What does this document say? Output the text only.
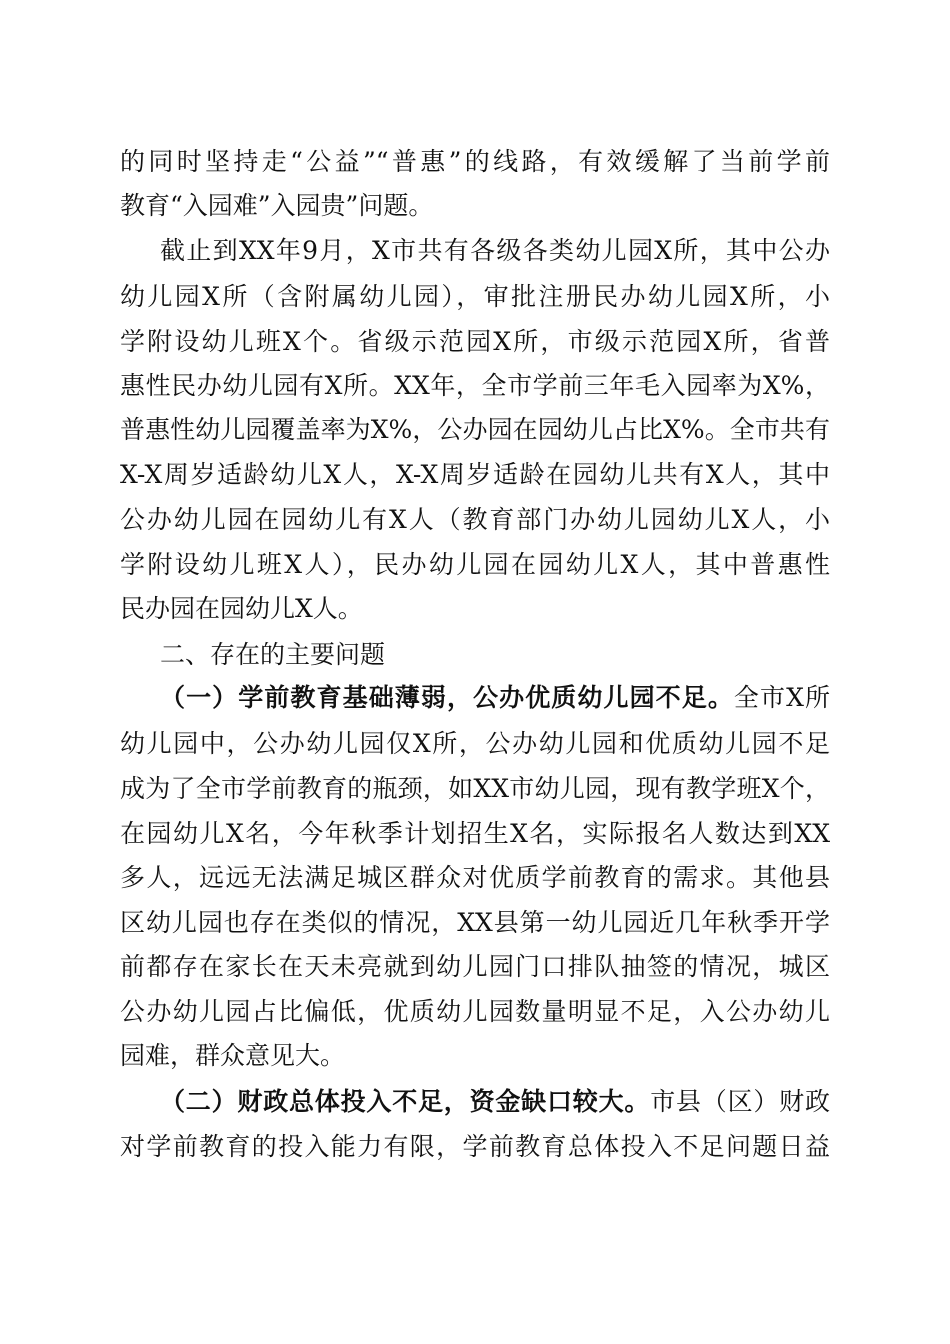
的同时坚持走“公益”“普惠”的线路，有效缓解了当前学前
教育“入园难”入园贵”问题。
截止到XX年9月，X市共有各级各类幼儿园X所，其中公办
幼儿园X所（含附属幼儿园），审批注册民办幼儿园X所，小
学附设幼儿班X个。省级示范园X所，市级示范园X所，省普
惠性民办幼儿园有X所。XX年，全市学前三年毛入园率为X%，
普惠性幼儿园覆盖率为X%，公办园在园幼儿占比X%。全市共有
X-X周岁适龄幼儿X人，X-X周岁适龄在园幼儿共有X人，其中
公办幼儿园在园幼儿有X人（教育部门办幼儿园幼儿X人，小
学附设幼儿班X人），民办幼儿园在园幼儿X人，其中普惠性
民办园在园幼儿X人。
二、存在的主要问题
（一）学前教育基础薄弱，公办优质幼儿园不足。全市X所
幼儿园中，公办幼儿园仅X所，公办幼儿园和优质幼儿园不足
成为了全市学前教育的瓶颈，如XX市幼儿园，现有教学班X个，
在园幼儿X名，今年秋季计划招生X名，实际报名人数达到XX
多人，远远无法满足城区群众对优质学前教育的需求。其他县
区幼儿园也存在类似的情况，XX县第一幼儿园近几年秋季开学
前都存在家长在天未亮就到幼儿园门口排队抽签的情况，城区
公办幼儿园占比偏低，优质幼儿园数量明显不足，入公办幼儿
园难，群众意见大。
（二）财政总体投入不足，资金缺口较大。市县（区）财政
对学前教育的投入能力有限，学前教育总体投入不足问题日益
